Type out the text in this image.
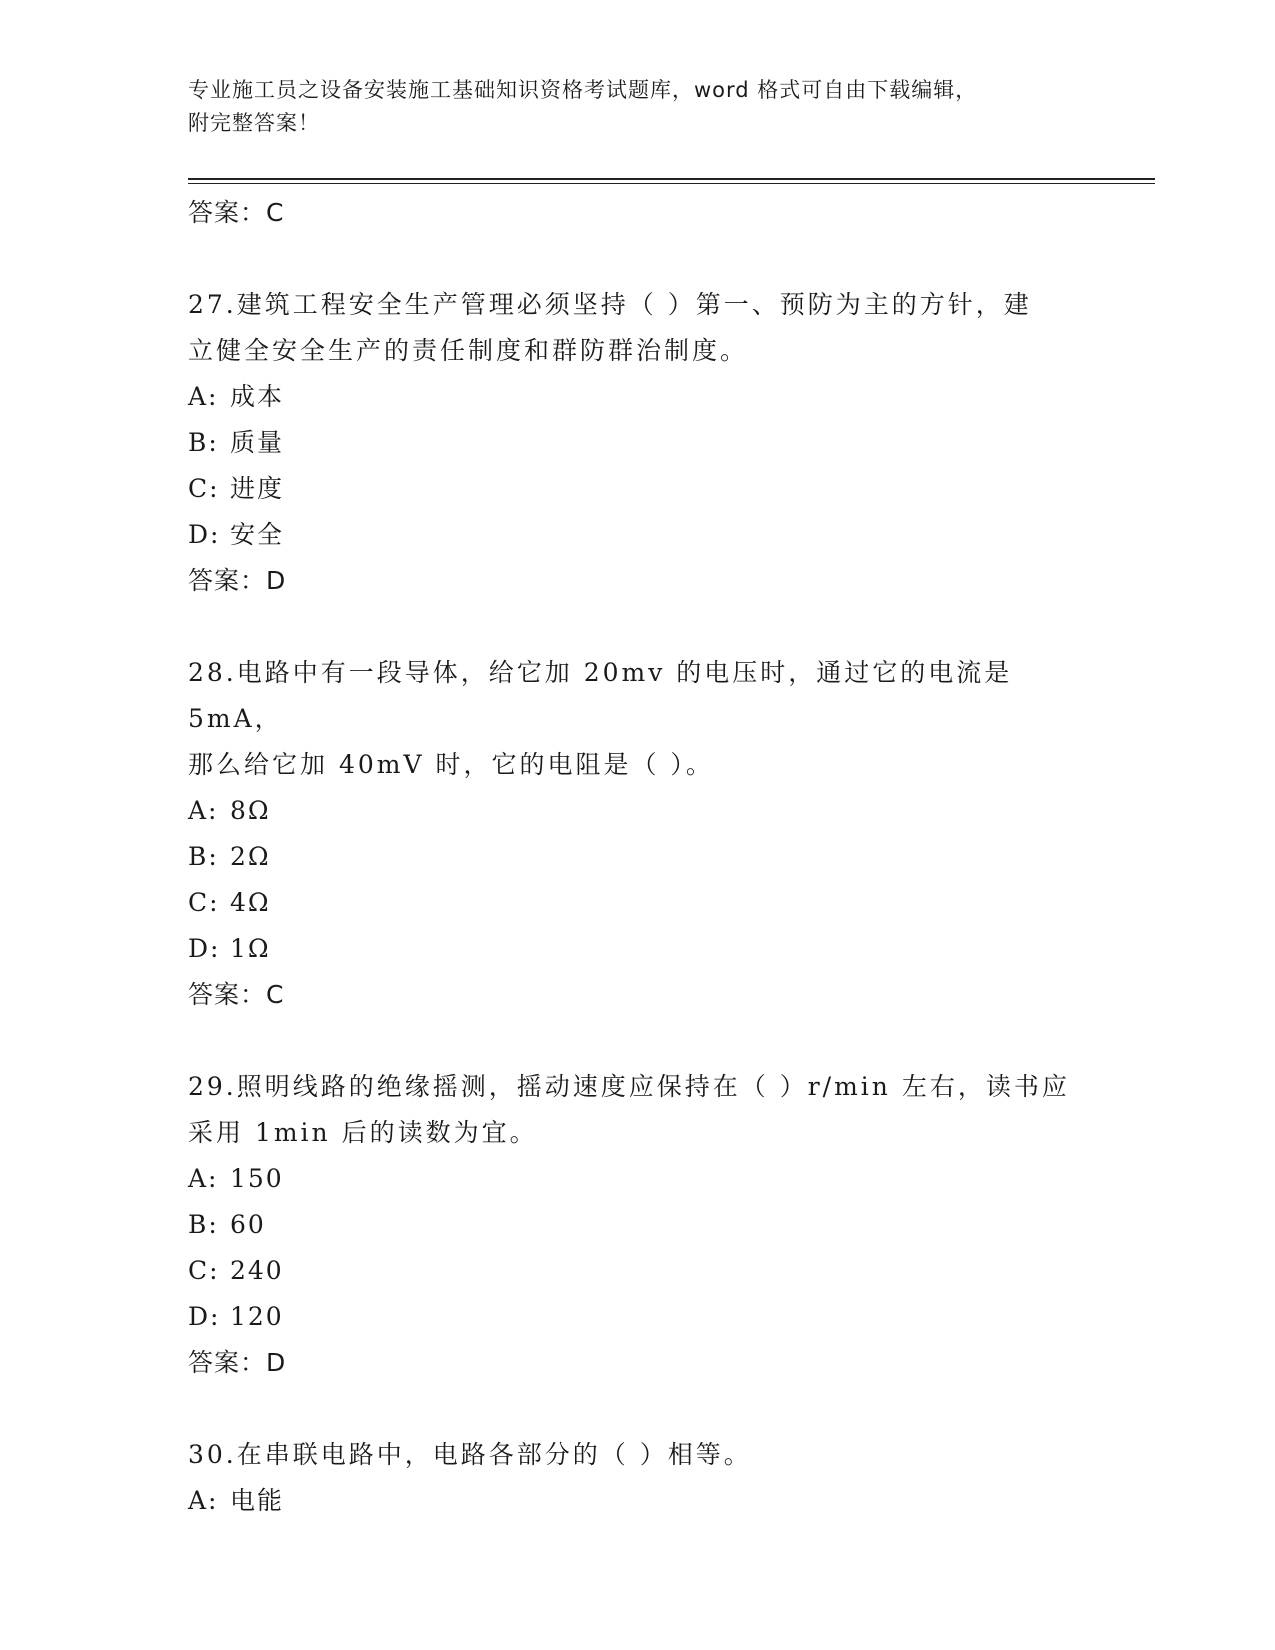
专业施工员之设备安装施工基础知识资格考试题库，word 格式可自由下载编辑，
附完整答案！
答案：C
27.建筑工程安全生产管理必须坚持（ ）第一、预防为主的方针，建
立健全安全生产的责任制度和群防群治制度。
A: 成本
B: 质量
C: 进度
D: 安全
答案：D
28.电路中有一段导体，给它加 20mv 的电压时，通过它的电流是 5mA，
那么给它加 40mV 时，它的电阻是（ ）。
A: 8Ω
B: 2Ω
C: 4Ω
D: 1Ω
答案：C
29.照明线路的绝缘摇测，摇动速度应保持在（ ）r/min 左右，读书应
采用 1min 后的读数为宜。
A: 150
B: 60
C: 240
D: 120
答案：D
30.在串联电路中，电路各部分的（ ）相等。
A: 电能
